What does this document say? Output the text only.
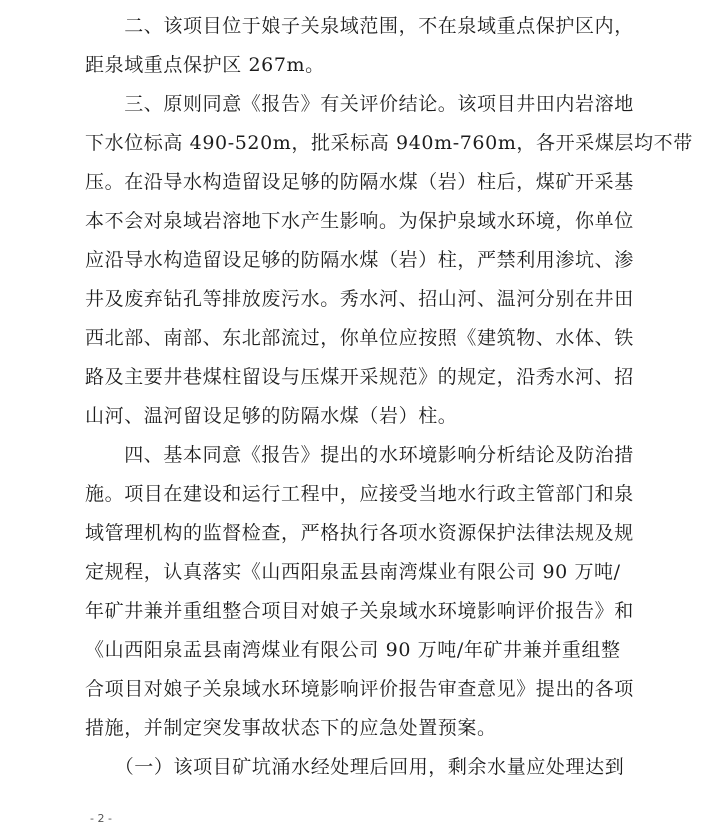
　　二、该项目位于娘子关泉域范围，不在泉域重点保护区内，
距泉域重点保护区 267m。
　　三、原则同意《报告》有关评价结论。该项目井田内岩溶地
下水位标高 490-520m，批采标高 940m-760m，各开采煤层均不带
压。在沿导水构造留设足够的防隔水煤（岩）柱后，煤矿开采基
本不会对泉域岩溶地下水产生影响。为保护泉域水环境，你单位
应沿导水构造留设足够的防隔水煤（岩）柱，严禁利用渗坑、渗
井及废弃钻孔等排放废污水。秀水河、招山河、温河分别在井田
西北部、南部、东北部流过，你单位应按照《建筑物、水体、铁
路及主要井巷煤柱留设与压煤开采规范》的规定，沿秀水河、招
山河、温河留设足够的防隔水煤（岩）柱。
　　四、基本同意《报告》提出的水环境影响分析结论及防治措
施。项目在建设和运行工程中，应接受当地水行政主管部门和泉
域管理机构的监督检查，严格执行各项水资源保护法律法规及规
定规程，认真落实《山西阳泉盂县南湾煤业有限公司 90 万吨/
年矿井兼并重组整合项目对娘子关泉域水环境影响评价报告》和
《山西阳泉盂县南湾煤业有限公司 90 万吨/年矿井兼并重组整
合项目对娘子关泉域水环境影响评价报告审查意见》提出的各项
措施，并制定突发事故状态下的应急处置预案。
　　（一）该项目矿坑涌水经处理后回用，剩余水量应处理达到
- 2 -
